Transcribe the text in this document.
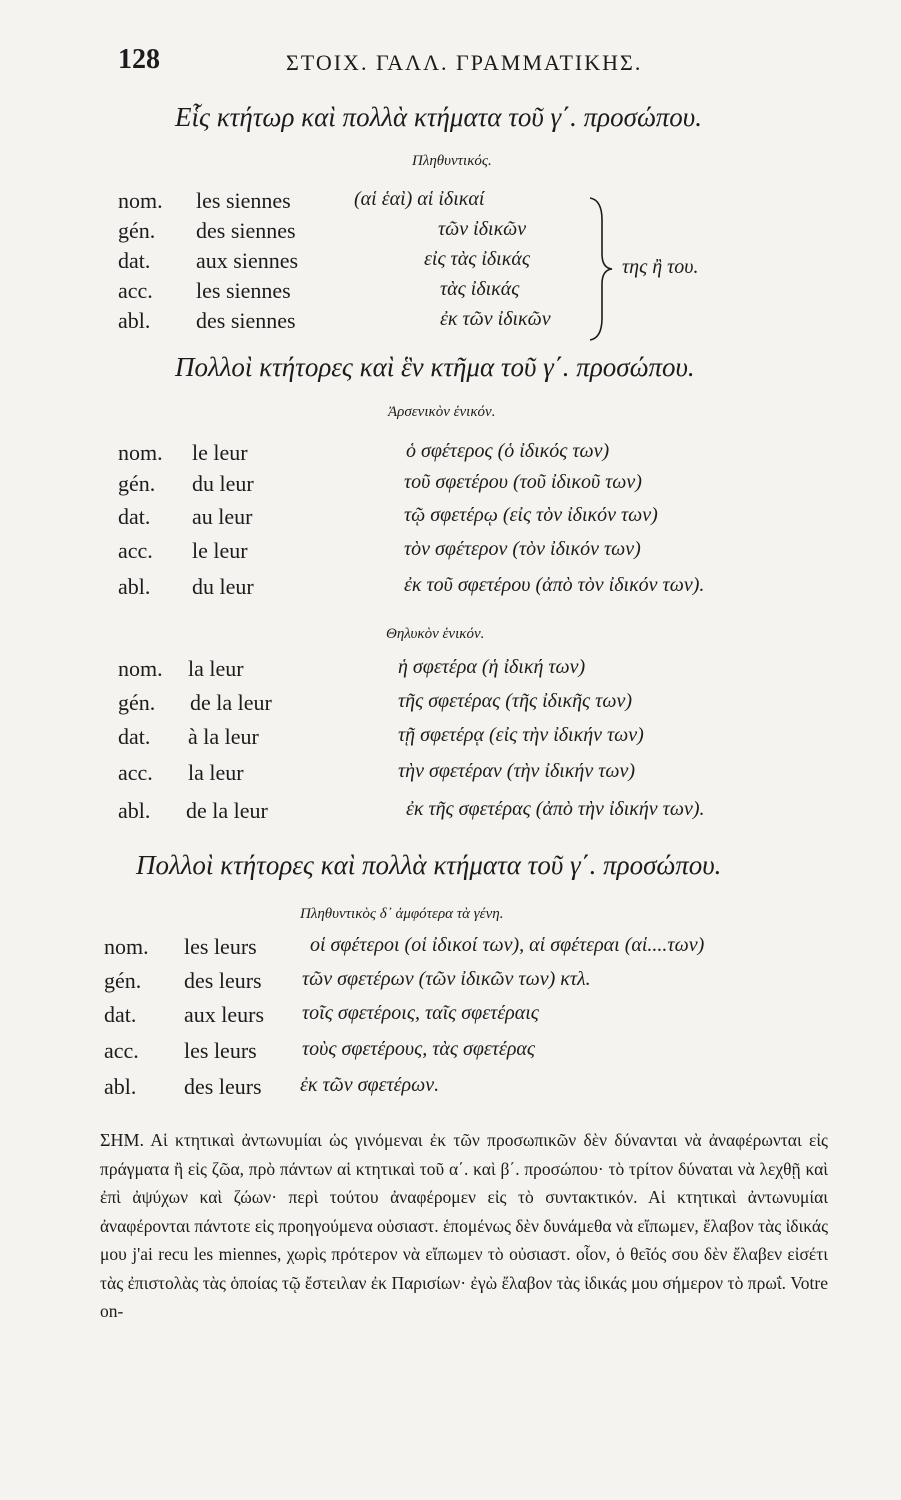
128	ΣΤΟΙΧ. ΓΑΛΛ. ΓΡΑΜΜΑΤΙΚΗΣ.
Εἷς κτήτωρ καὶ πολλὰ κτήματα τοῦ γ΄. προσώπου.
Πληθυντικός.
nom. les siennes	(αἱ ἑαὶ) αἱ ἰδικαί
gén. des siennes	τῶν ἰδικῶν
dat. aux siennes	εἰς τὰς ἰδικάς
acc. les siennes	τὰς ἰδικάς
abl. des siennes	ἐκ τῶν ἰδικῶν
της ἢ του.
Πολλοὶ κτήτορες καὶ ἓν κτῆμα τοῦ γ΄. προσώπου.
Ἀρσενικὸν ἑνικόν.
nom. le leur	ὁ σφέτερος (ὁ ἰδικός των)
gén. du leur	τοῦ σφετέρου (τοῦ ἰδικοῦ των)
dat. au leur	τῷ σφετέρῳ (εἰς τὸν ἰδικόν των)
acc. le leur	τὸν σφέτερον (τὸν ἰδικόν των)
abl. du leur	ἐκ τοῦ σφετέρου (ἀπὸ τὸν ἰδικόν των).
Θηλυκὸν ἑνικόν.
nom. la leur	ἡ σφετέρα (ἡ ἰδική των)
gén. de la leur	τῆς σφετέρας (τῆς ἰδικῆς των)
dat. à la leur	τῇ σφετέρᾳ (εἰς τὴν ἰδικήν των)
acc. la leur	τὴν σφετέραν (τὴν ἰδικήν των)
abl. de la leur	ἐκ τῆς σφετέρας (ἀπὸ τὴν ἰδικήν των).
Πολλοὶ κτήτορες καὶ πολλὰ κτήματα τοῦ γ΄. προσώπου.
Πληθυντικὸς δ᾽ ἀμφότερα τὰ γένη.
nom. les leurs	οἱ σφέτεροι (οἱ ἰδικοί των), αἱ σφέτεραι (αἱ....των)
gén. des leurs τῶν σφετέρων (τῶν ἰδικῶν των) κτλ.
dat. aux leurs τοῖς σφετέροις, ταῖς σφετέραις
acc. les leurs τοὺς σφετέρους, τὰς σφετέρας
abl. des leurs ἐκ τῶν σφετέρων.
ΣΗΜ. Αἱ κτητικαὶ ἀντωνυμίαι ὡς γινόμεναι ἐκ τῶν προσωπικῶν δὲν δύνανται νὰ ἀναφέρωνται εἰς πράγματα ἢ εἰς ζῶα, πρὸ πάντων αἱ κτητικαὶ τοῦ α΄. καὶ β΄. προσώπου· τὸ τρίτον δύναται νὰ λεχθῇ καὶ ἐπὶ ἀψύχων καὶ ζώων· περὶ τούτου ἀναφέρομεν εἰς τὸ συντακτικόν. Αἱ κτητικαὶ ἀντωνυμίαι ἀναφέρονται πάντοτε εἰς προηγούμενα οὐσιαστ. ἑπομένως δὲν δυνάμεθα νὰ εἴπωμεν, ἔλαβον τὰς ἰδικάς μου j'ai recu les miennes, χωρὶς πρότερον νὰ εἴπωμεν τὸ οὐσιαστ. οἷον, ὁ θεῖός σου δὲν ἔλαβεν εἰσέτι τὰς ἐπιστολὰς τὰς ὁποίας τῷ ἔστειλαν ἐκ Παρισίων· ἐγὼ ἔλαβον τὰς ἰδικάς μου σήμερον τὸ πρωΐ. Votre on-
